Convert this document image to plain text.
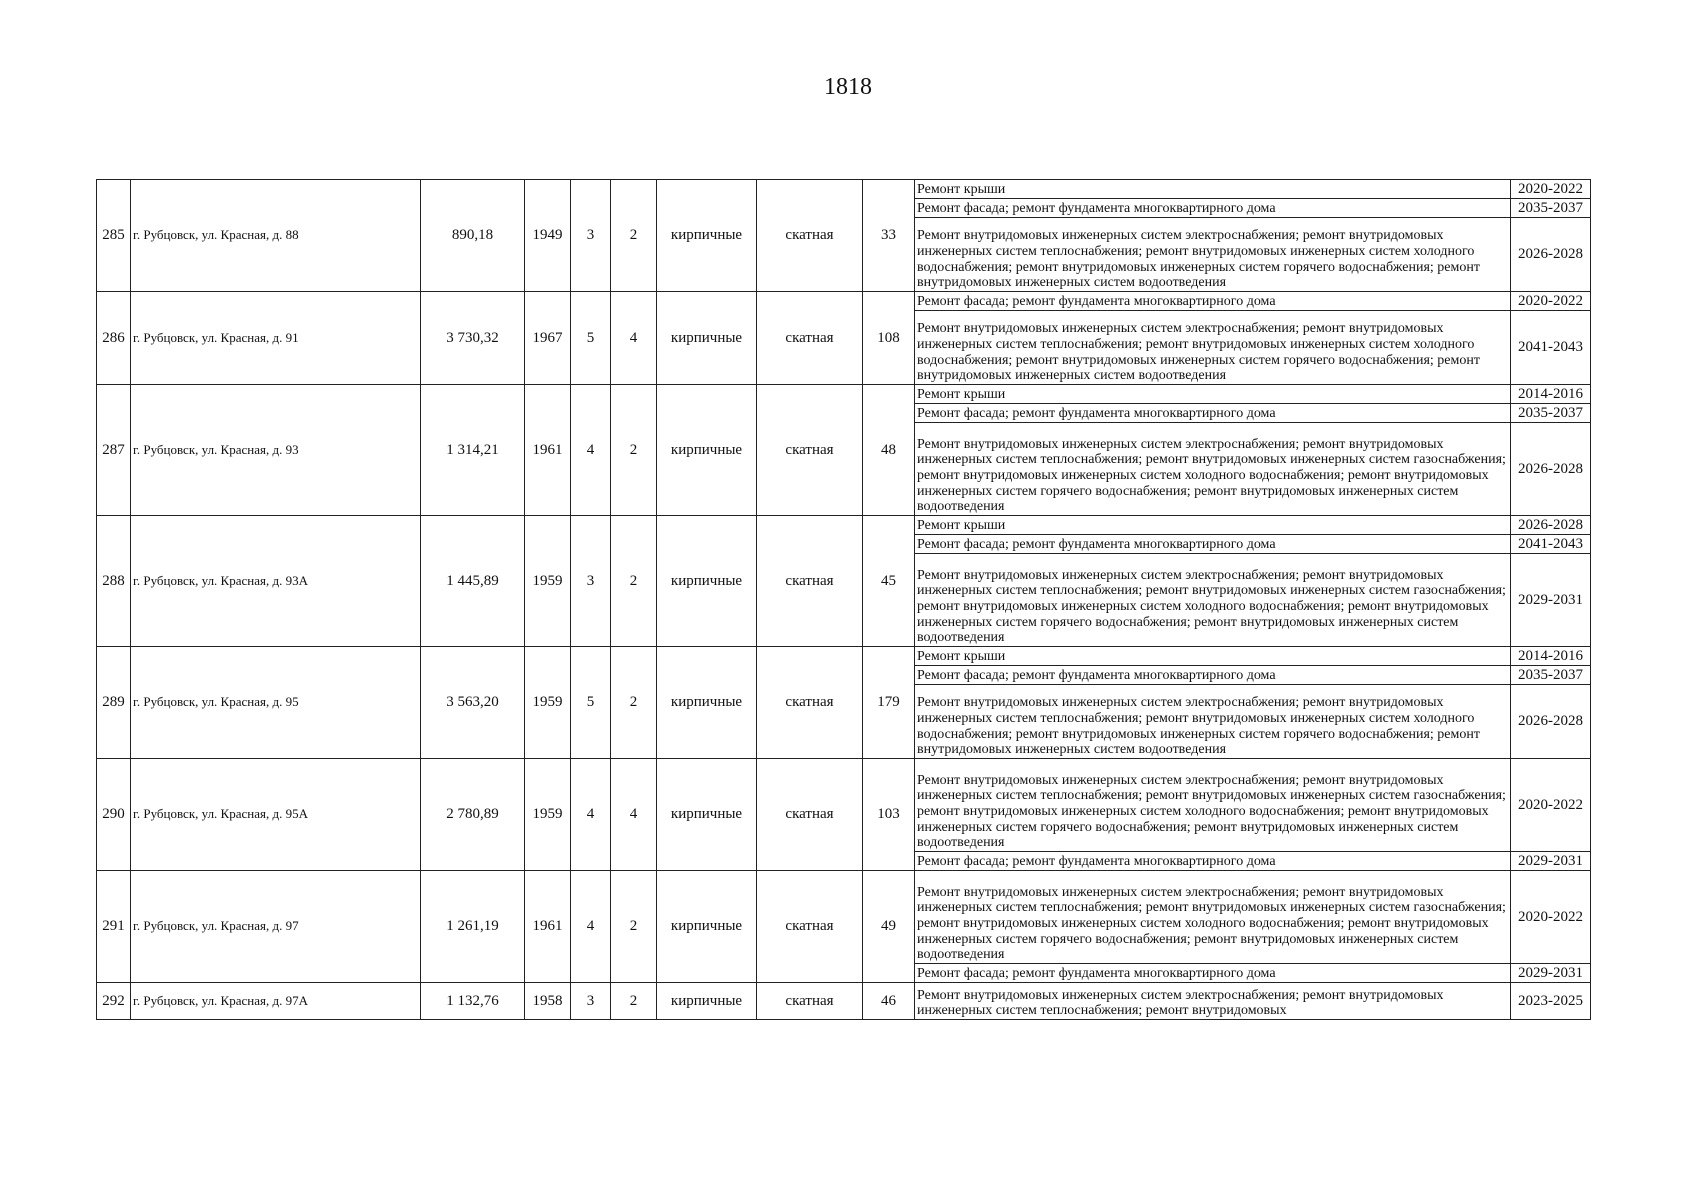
1818
285	г. Рубцовск, ул. Красная, д. 88	890,18	1949	3	2	кирпичные	скатная	33	Ремонт крыши	2020-2022
									Ремонт фасада; ремонт фундамента многоквартирного дома	2035-2037
									Ремонт внутридомовых инженерных систем электроснабжения; ремонт внутридомовых инженерных систем теплоснабжения; ремонт внутридомовых инженерных систем холодного водоснабжения; ремонт внутридомовых инженерных систем горячего водоснабжения; ремонт внутридомовых инженерных систем водоотведения	2026-2028
286	г. Рубцовск, ул. Красная, д. 91	3 730,32	1967	5	4	кирпичные	скатная	108	Ремонт фасада; ремонт фундамента многоквартирного дома	2020-2022
									Ремонт внутридомовых инженерных систем электроснабжения; ремонт внутридомовых инженерных систем теплоснабжения; ремонт внутридомовых инженерных систем холодного водоснабжения; ремонт внутридомовых инженерных систем горячего водоснабжения; ремонт внутридомовых инженерных систем водоотведения	2041-2043
287	г. Рубцовск, ул. Красная, д. 93	1 314,21	1961	4	2	кирпичные	скатная	48	Ремонт крыши	2014-2016
									Ремонт фасада; ремонт фундамента многоквартирного дома	2035-2037
									Ремонт внутридомовых инженерных систем электроснабжения; ремонт внутридомовых инженерных систем теплоснабжения; ремонт внутридомовых инженерных систем газоснабжения; ремонт внутридомовых инженерных систем холодного водоснабжения; ремонт внутридомовых инженерных систем горячего водоснабжения; ремонт внутридомовых инженерных систем водоотведения	2026-2028
288	г. Рубцовск, ул. Красная, д. 93А	1 445,89	1959	3	2	кирпичные	скатная	45	Ремонт крыши	2026-2028
									Ремонт фасада; ремонт фундамента многоквартирного дома	2041-2043
									Ремонт внутридомовых инженерных систем электроснабжения; ремонт внутридомовых инженерных систем теплоснабжения; ремонт внутридомовых инженерных систем газоснабжения; ремонт внутридомовых инженерных систем холодного водоснабжения; ремонт внутридомовых инженерных систем горячего водоснабжения; ремонт внутридомовых инженерных систем водоотведения	2029-2031
289	г. Рубцовск, ул. Красная, д. 95	3 563,20	1959	5	2	кирпичные	скатная	179	Ремонт крыши	2014-2016
									Ремонт фасада; ремонт фундамента многоквартирного дома	2035-2037
									Ремонт внутридомовых инженерных систем электроснабжения; ремонт внутридомовых инженерных систем теплоснабжения; ремонт внутридомовых инженерных систем холодного водоснабжения; ремонт внутридомовых инженерных систем горячего водоснабжения; ремонт внутридомовых инженерных систем водоотведения	2026-2028
290	г. Рубцовск, ул. Красная, д. 95А	2 780,89	1959	4	4	кирпичные	скатная	103	Ремонт внутридомовых инженерных систем электроснабжения; ремонт внутридомовых инженерных систем теплоснабжения; ремонт внутридомовых инженерных систем газоснабжения; ремонт внутридомовых инженерных систем холодного водоснабжения; ремонт внутридомовых инженерных систем горячего водоснабжения; ремонт внутридомовых инженерных систем водоотведения	2020-2022
									Ремонт фасада; ремонт фундамента многоквартирного дома	2029-2031
291	г. Рубцовск, ул. Красная, д. 97	1 261,19	1961	4	2	кирпичные	скатная	49	Ремонт внутридомовых инженерных систем электроснабжения; ремонт внутридомовых инженерных систем теплоснабжения; ремонт внутридомовых инженерных систем газоснабжения; ремонт внутридомовых инженерных систем холодного водоснабжения; ремонт внутридомовых инженерных систем горячего водоснабжения; ремонт внутридомовых инженерных систем водоотведения	2020-2022
									Ремонт фасада; ремонт фундамента многоквартирного дома	2029-2031
292	г. Рубцовск, ул. Красная, д. 97А	1 132,76	1958	3	2	кирпичные	скатная	46	Ремонт внутридомовых инженерных систем электроснабжения; ремонт внутридомовых инженерных систем теплоснабжения; ремонт внутридомовых	2023-2025
